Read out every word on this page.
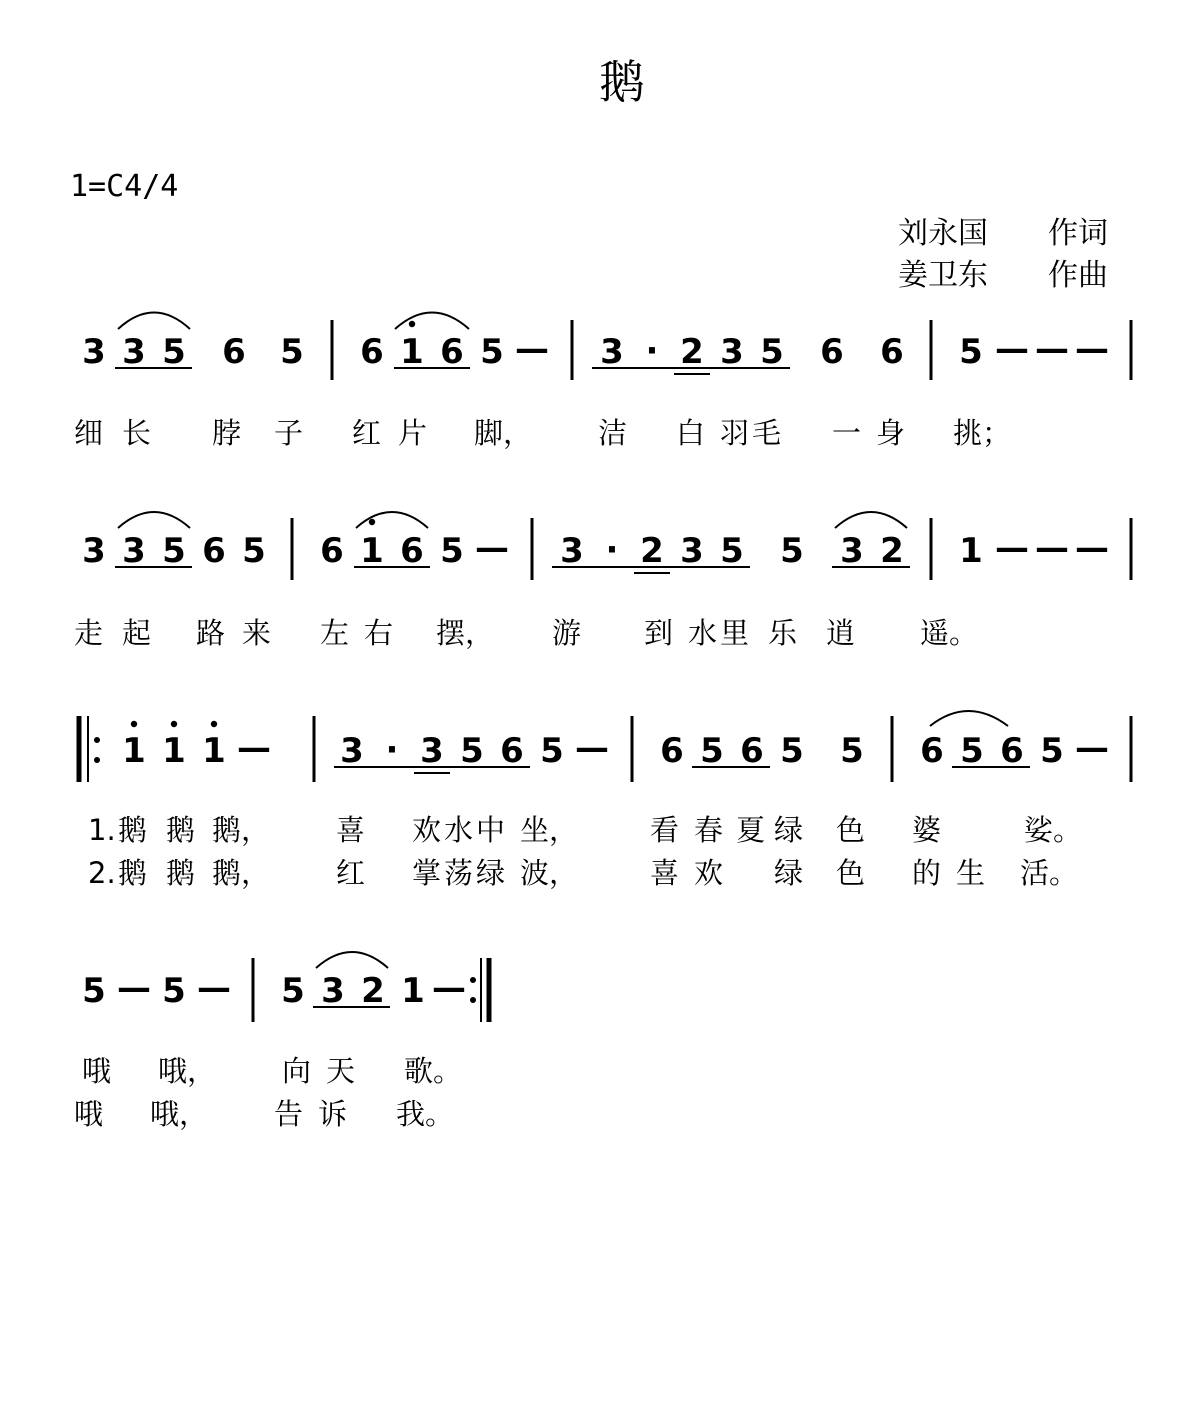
鹅
1=C4/4
刘永国 作词
姜卫东 作曲
3 3 5 6 5 6 1 6 5 — 3 · 2 3 5 6 6 5 — — —
细 长 脖 子 红 片 脚， 洁 白 羽 毛 一 身 挑；
3 3 5 6 5 6 1 6 5 — 3 · 2 3 5 5 3 2 1 — — —
走 起 路 来 左 右 摆， 游 到 水 里 乐 逍 遥。
1 1 1 — 3 · 3 5 6 5 — 6 5 6 5 5 6 5 6 5 —
1. 鹅 鹅 鹅， 喜 欢 水 中 坐， 看 春 夏 绿 色 婆	娑。
2. 鹅 鹅 鹅， 红 掌 荡 绿 波， 喜 欢 绿 色 的 生 活。
5 — 5 — 5 3 2 1 —
哦 哦， 向 天 歌。
哦 哦， 告 诉 我。
